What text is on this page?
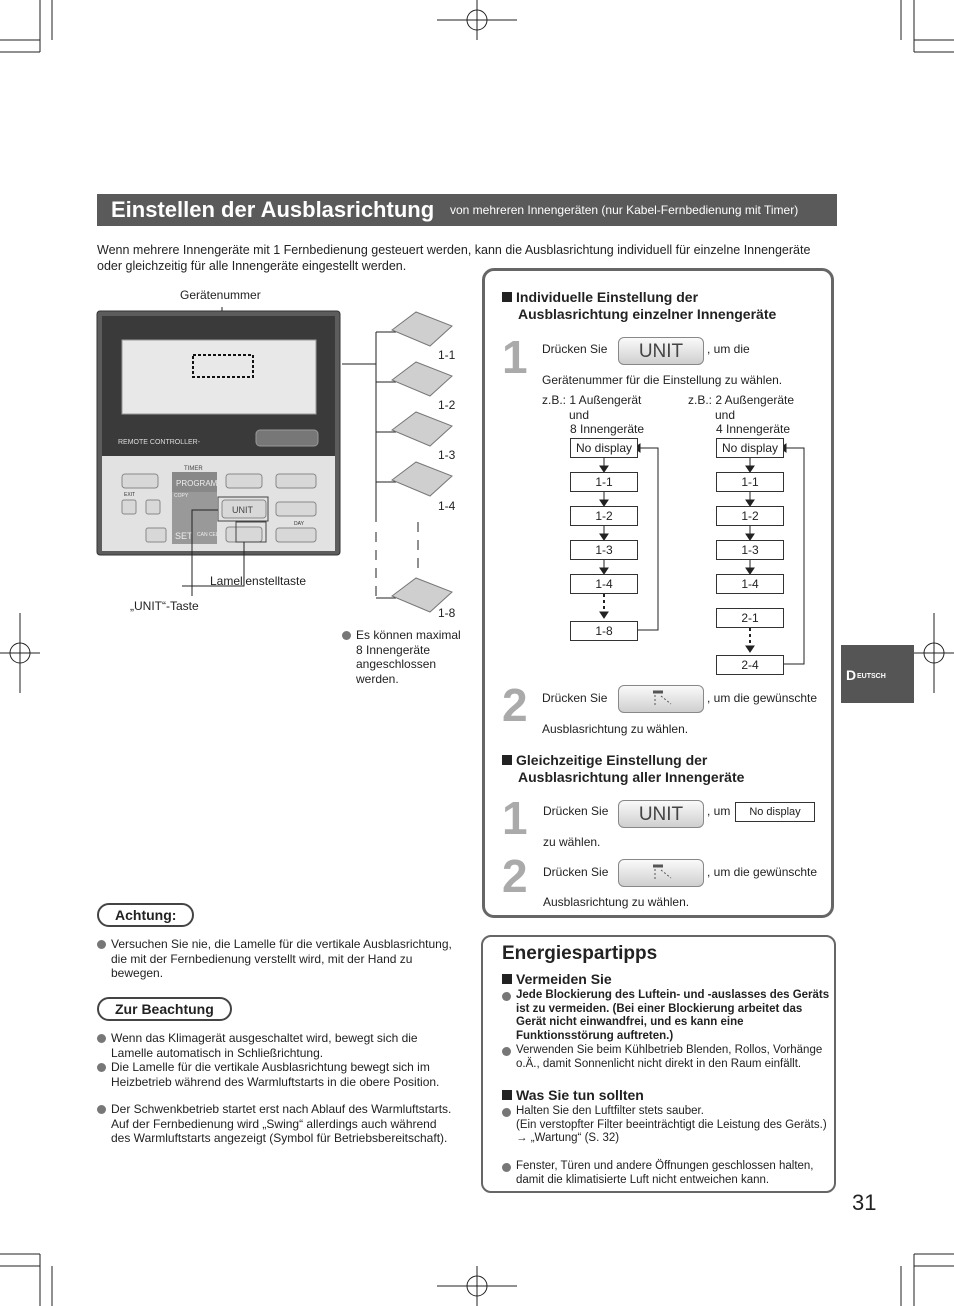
Einstellen der Ausblasrichtung von mehreren Innengeräten (nur Kabel-Fernbedienung mit Timer)
Wenn mehrere Innengeräte mit 1 Fernbedienung gesteuert werden, kann die Ausblasrichtung individuell für einzelne Innengeräte oder gleichzeitig für alle Innengeräte eingestellt werden.
Gerätenummer
REMOTE CONTROLLER-
TIMER
PROGRAM
COPY
UNIT
SET CAN CEL
DAY
EXIT
1-1
1-2
1-3
1-4
1-8
Lamellenstelltaste
„UNIT“-Taste
Es können maximal 8 Innengeräte angeschlossen werden.
Individuelle Einstellung der
Ausblasrichtung einzelner Innengeräte
1 Drücken Sie	UNIT	, um die
Gerätenummer für die Einstellung zu wählen.
z.B.: 1 Außengerät
und
8 Innengeräte
z.B.: 2 Außengeräte
und
4 Innengeräte
No display
1-1
1-2
1-3
1-4
1-8
No display
1-1
1-2
1-3
1-4
2-1
2-4
2 Drücken Sie	, um die gewünschte
Ausblasrichtung zu wählen.
Gleichzeitige Einstellung der
Ausblasrichtung aller Innengeräte
1 Drücken Sie	UNIT	, um	No display
zu wählen.
2 Drücken Sie	, um die gewünschte
Ausblasrichtung zu wählen.
Achtung:
Versuchen Sie nie, die Lamelle für die vertikale Ausblasrichtung, die mit der Fernbedienung verstellt wird, mit der Hand zu bewegen.
Zur Beachtung
Wenn das Klimagerät ausgeschaltet wird, bewegt sich die Lamelle automatisch in Schließrichtung.
Die Lamelle für die vertikale Ausblasrichtung bewegt sich im Heizbetrieb während des Warmluftstarts in die obere Position.
Der Schwenkbetrieb startet erst nach Ablauf des Warmluftstarts. Auf der Fernbedienung wird „Swing“ allerdings auch während des Warmluftstarts angezeigt (Symbol für Betriebsbereitschaft).
Energiespartipps
Vermeiden Sie
Jede Blockierung des Luftein- und -auslasses des Geräts ist zu vermeiden. (Bei einer Blockierung arbeitet das Gerät nicht einwandfrei, und es kann eine Funktionsstörung auftreten.)
Verwenden Sie beim Kühlbetrieb Blenden, Rollos, Vorhänge o.Ä., damit Sonnenlicht nicht direkt in den Raum einfällt.
Was Sie tun sollten
Halten Sie den Luftfilter stets sauber.
(Ein verstopfter Filter beeinträchtigt die Leistung des Geräts.)
→ „Wartung“ (S. 32)
Fenster, Türen und andere Öffnungen geschlossen halten, damit die klimatisierte Luft nicht entweichen kann.
D EUTSCH
31
